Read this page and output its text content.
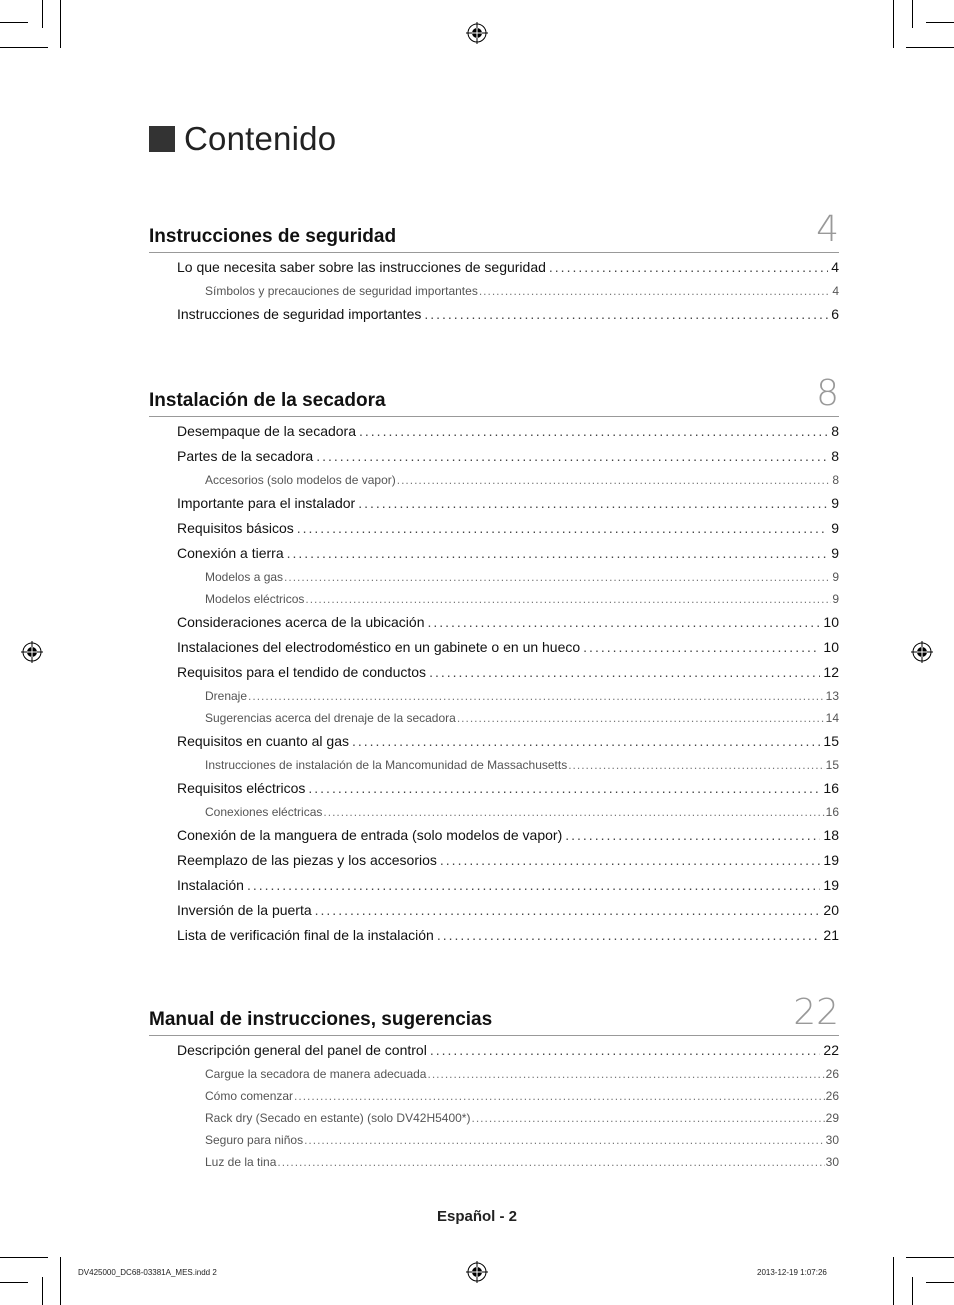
Contenido
Instrucciones de seguridad	4
Lo que necesita saber sobre las instrucciones de seguridad .....	4
Símbolos y precauciones de seguridad importantes .....	4
Instrucciones de seguridad importantes .....	6
Instalación de la secadora	8
Desempaque de la secadora .....	8
Partes de la secadora .....	8
Accesorios (solo modelos de vapor) .....	8
Importante para el instalador .....	9
Requisitos básicos .....	9
Conexión a tierra .....	9
Modelos a gas .....	9
Modelos eléctricos .....	9
Consideraciones acerca de la ubicación .....	10
Instalaciones del electrodoméstico en un gabinete o en un hueco .....	10
Requisitos para el tendido de conductos .....	12
Drenaje .....	13
Sugerencias acerca del drenaje de la secadora .....	14
Requisitos en cuanto al gas .....	15
Instrucciones de instalación de la Mancomunidad de Massachusetts .....	15
Requisitos eléctricos .....	16
Conexiones eléctricas .....	16
Conexión de la manguera de entrada (solo modelos de vapor) .....	18
Reemplazo de las piezas y los accesorios .....	19
Instalación .....	19
Inversión de la puerta .....	20
Lista de verificación final de la instalación .....	21
Manual de instrucciones, sugerencias	22
Descripción general del panel de control .....	22
Cargue la secadora de manera adecuada .....	26
Cómo comenzar .....	26
Rack dry (Secado en estante) (solo DV42H5400*) .....	29
Seguro para niños .....	30
Luz de la tina .....	30
Español - 2
DV425000_DC68-03381A_MES.indd 2	2013-12-19 1:07:26
